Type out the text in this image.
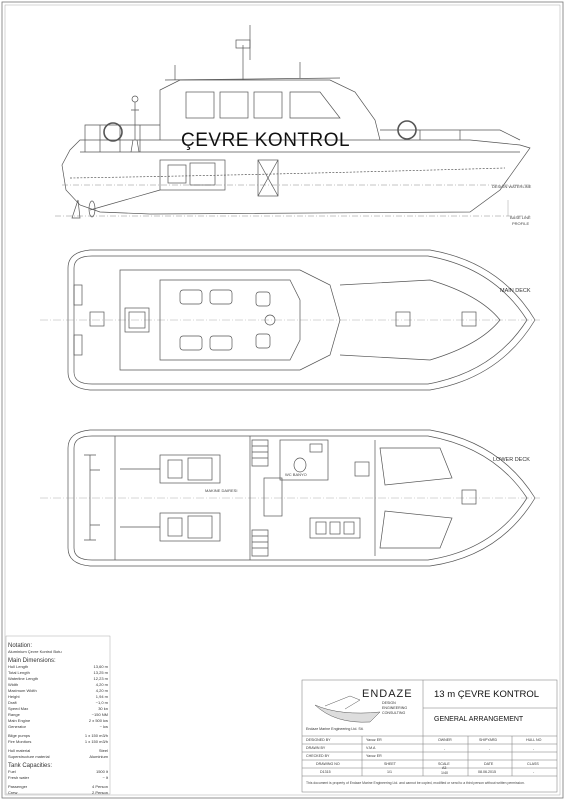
DESIGN WATERLINE
BASE LINE
PROFILE
MAIN DECK
LOWER DECK
MAKINE DAIRESI
WC BANYO
ÇEVRE KONTROL
Notation:
Aluminium Çevre Kontrol Botu
Main Dimensions:
Hull Length	13,60 m
Total Length	13,25 m
Waterline Length	12,23 m
Width	4,20 m
Maximum Width	4,20 m
Height	1,94 m
Draft	~1,0 m
Speed Max	30 kn
Range	~150 NM
Main Engine	2 x 500 kw
Generator	~ kw
Bilge pumps	1 x 150 m3/h
Fire Monitors	1 x 150 m3/h
Hull material	Steel
Superstructure material	Aluminium
Tank Capacities:
Fuel	1500 lt
Fresh water	~ lt
Passenger	4 Person
Crew	2 Person
ENDAZE
DESIGN
ENGINEERING
CONSULTING
Endaze Marine Engineering Ltd. Sti.
13 m ÇEVRE KONTROL
GENERAL ARRANGEMENT
DESIGNED BY	Yavuz ER
DRAWN BY	V.M.A
CHECKED BY	Yavuz ER
OWNER
-
SHIPYARD
-
HULL NO
-
DRAWING NO
D1315
SHEET
1/1
SCALE
A3
1/40
DATE
08.06.2015
CLASS
-
This document is property of Endaze Marine Engineering Ltd. and cannot be copied, modified or send to a third person without written permission.
